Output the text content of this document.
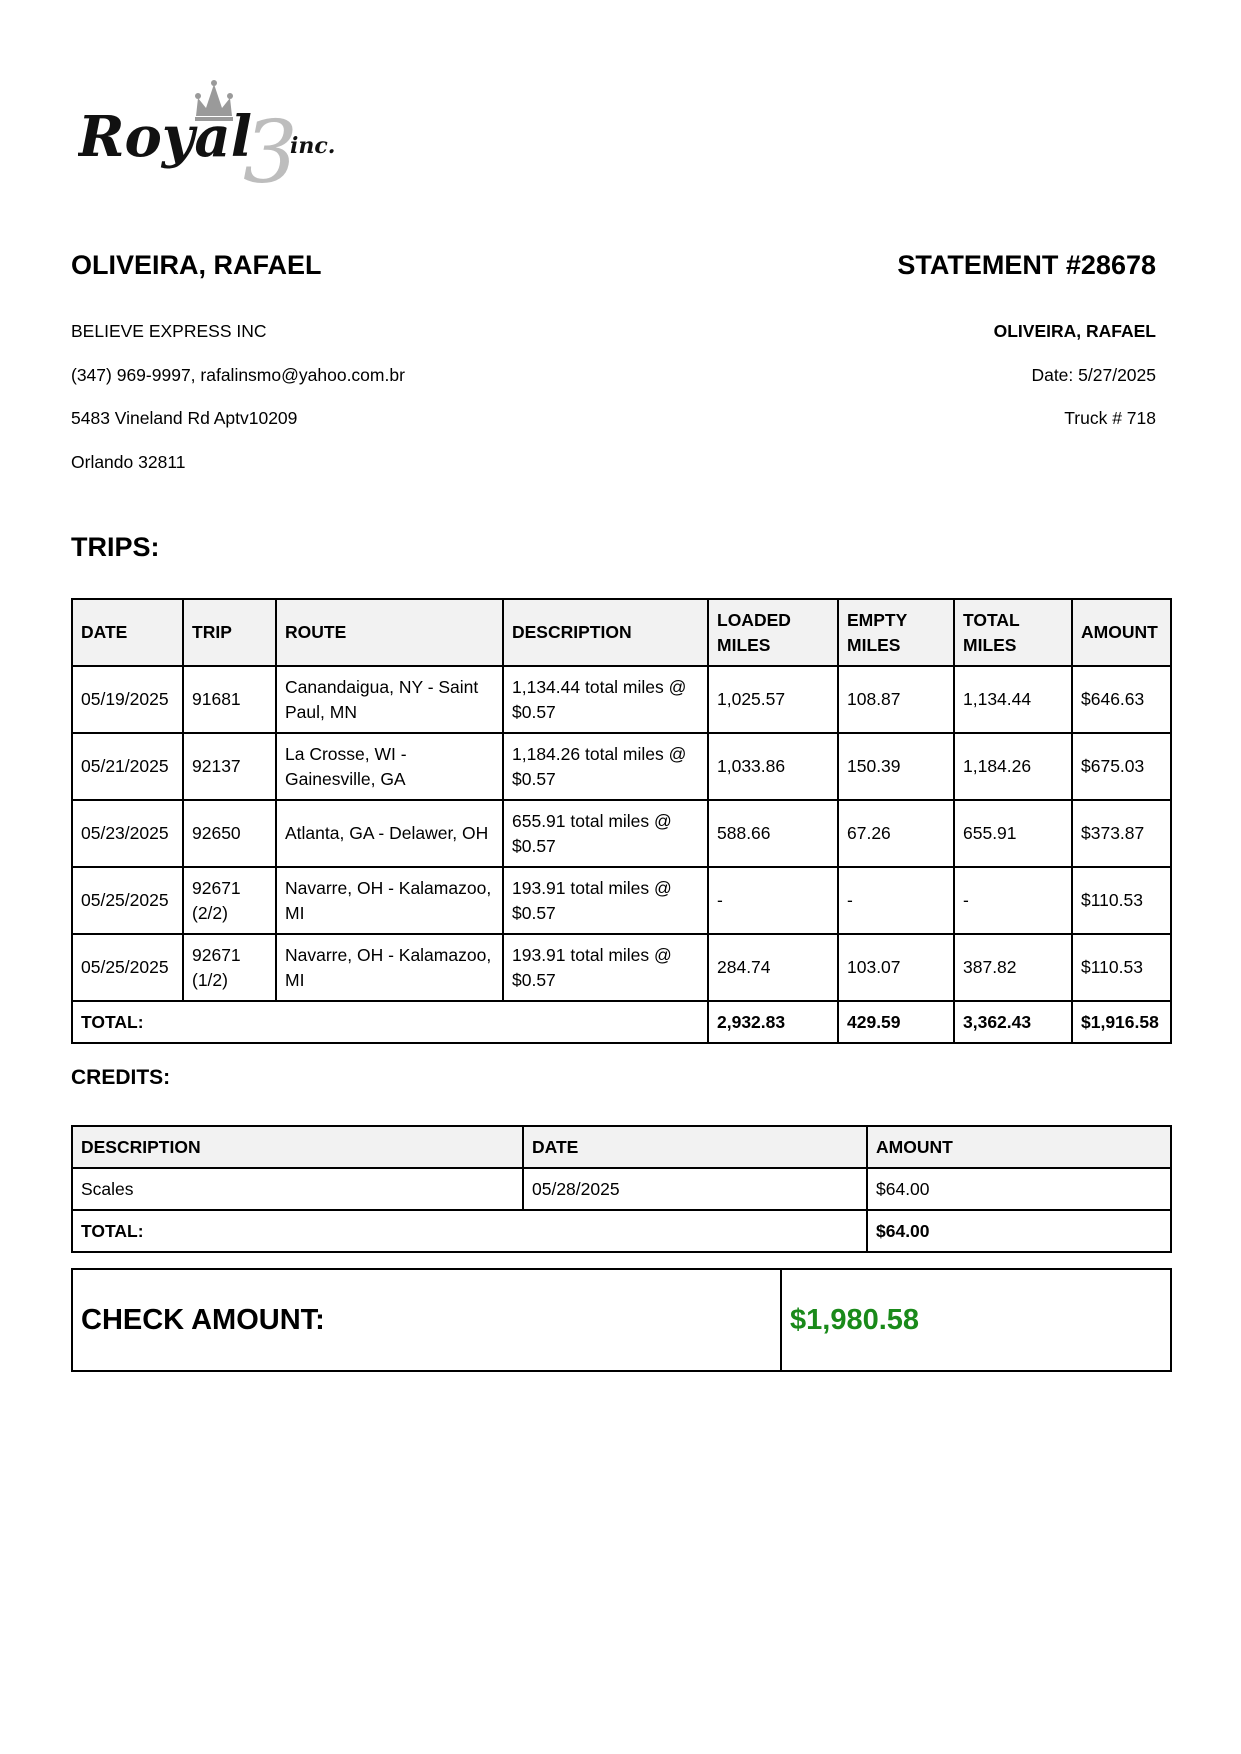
3
Royal inc.
OLIVEIRA, RAFAEL	STATEMENT #28678
BELIEVE EXPRESS INC
(347) 969-9997, rafalinsmo@yahoo.com.br
5483 Vineland Rd Aptv10209
Orlando 32811
OLIVEIRA, RAFAEL
Date: 5/27/2025
Truck # 718
TRIPS:
DATE	TRIP	ROUTE	DESCRIPTION	LOADED MILES	EMPTY MILES	TOTAL MILES	AMOUNT
05/19/2025	91681	Canandaigua, NY - Saint Paul, MN	1,134.44 total miles @ $0.57	1,025.57	108.87	1,134.44	$646.63
05/21/2025	92137	La Crosse, WI - Gainesville, GA	1,184.26 total miles @ $0.57	1,033.86	150.39	1,184.26	$675.03
05/23/2025	92650	Atlanta, GA - Delawer, OH	655.91 total miles @ $0.57	588.66	67.26	655.91	$373.87
05/25/2025	92671 (2/2)	Navarre, OH - Kalamazoo, MI	193.91 total miles @ $0.57	-	-	-	$110.53
05/25/2025	92671 (1/2)	Navarre, OH - Kalamazoo, MI	193.91 total miles @ $0.57	284.74	103.07	387.82	$110.53
TOTAL:				2,932.83	429.59	3,362.43	$1,916.58
CREDITS:
DESCRIPTION	DATE	AMOUNT
Scales	05/28/2025	$64.00
TOTAL:		$64.00
CHECK AMOUNT:	$1,980.58
